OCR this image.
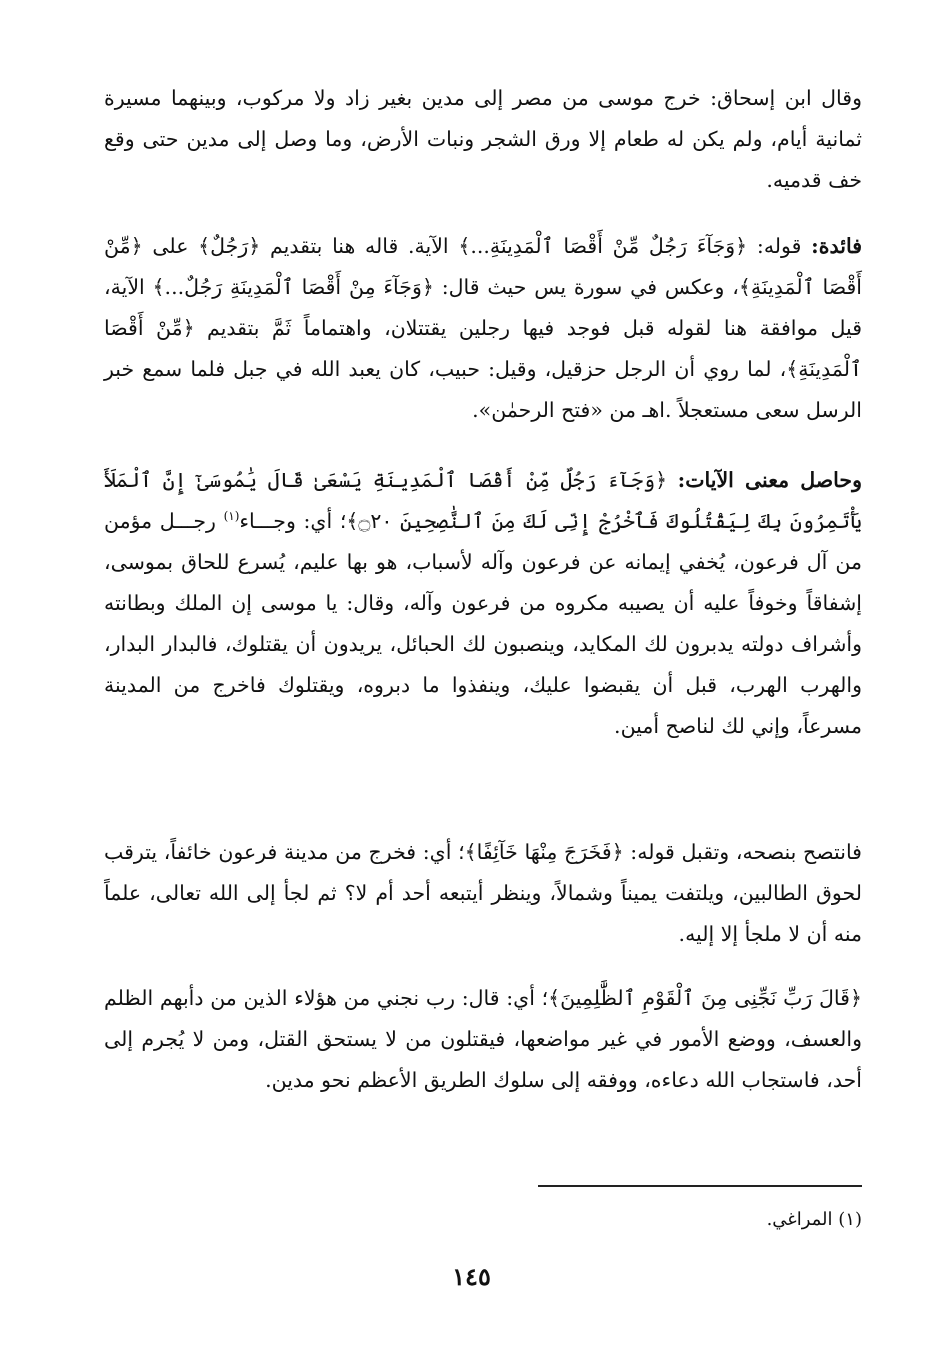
وقال ابن إسحاق: خرج موسى من مصر إلى مدين بغير زاد ولا مركوب، وبينهما مسيرة ثمانية أيام، ولم يكن له طعام إلا ورق الشجر ونبات الأرض، وما وصل إلى مدين حتى وقع خف قدميه.

فائدة: قوله: ﴿وَجَآءَ رَجُلٌ مِّنْ أَقْصَا ٱلْمَدِينَةِ...﴾ الآية. قاله هنا بتقديم ﴿رَجُلٌ﴾ على ﴿مِّنْ أَقْصَا ٱلْمَدِينَةِ﴾، وعكس في سورة يس حيث قال: ﴿وَجَآءَ مِنْ أَقْصَا ٱلْمَدِينَةِ رَجُلٌ...﴾ الآية، قيل موافقة هنا لقوله قبل فوجد فيها رجلين يقتتلان، واهتماماً ثَمَّ بتقديم ﴿مِّنْ أَقْصَا ٱلْمَدِينَةِ﴾، لما روي أن الرجل حزقيل، وقيل: حبيب، كان يعبد الله في جبل فلما سمع خبر الرسل سعى مستعجلاً .اهـ من «فتح الرحمٰن».

وحاصل معنى الآيات: ﴿وَجَآءَ رَجُلٌ مِّنْ أَقْصَا ٱلْمَدِينَةِ يَسْعَىٰ قَالَ يَٰمُوسَىٰٓ إِنَّ ٱلْمَلَأَ يَأْتَمِرُونَ بِكَ لِيَقْتُلُوكَ فَٱخْرُجْ إِنِّى لَكَ مِنَ ٱلنَّٰصِحِينَ ۝٢٠﴾؛ أي: وجـــاء$^{(١)}$ رجـــل مؤمن من آل فرعون، يُخفي إيمانه عن فرعون وآله لأسباب، هو بها عليم، يُسرع للحاق بموسى، إشفاقاً وخوفاً عليه أن يصيبه مكروه من فرعون وآله، وقال: يا موسى إن الملك وبطانته وأشراف دولته يدبرون لك المكايد، وينصبون لك الحبائل، يريدون أن يقتلوك، فالبدار البدار، والهرب الهرب، قبل أن يقبضوا عليك، وينفذوا ما دبروه، ويقتلوك فاخرج من المدينة مسرعاً، وإني لك لناصح أمين.

فانتصح بنصحه، وتقبل قوله: ﴿فَخَرَجَ مِنْهَا خَآئِفًا﴾؛ أي: فخرج من مدينة فرعون خائفاً، يترقب لحوق الطالبين، ويلتفت يميناً وشمالاً، وينظر أيتبعه أحد أم لا؟ ثم لجأ إلى الله تعالى، علماً منه أن لا ملجأ إلا إليه.

﴿قَالَ رَبِّ نَجِّنِى مِنَ ٱلْقَوْمِ ٱلظَّٰلِمِينَ﴾؛ أي: قال: رب نجني من هؤلاء الذين من دأبهم الظلم والعسف، ووضع الأمور في غير مواضعها، فيقتلون من لا يستحق القتل، ومن لا يُجرم إلى أحد، فاستجاب الله دعاءه، ووفقه إلى سلوك الطريق الأعظم نحو مدين.

(١) المراغي.
١٤٥
